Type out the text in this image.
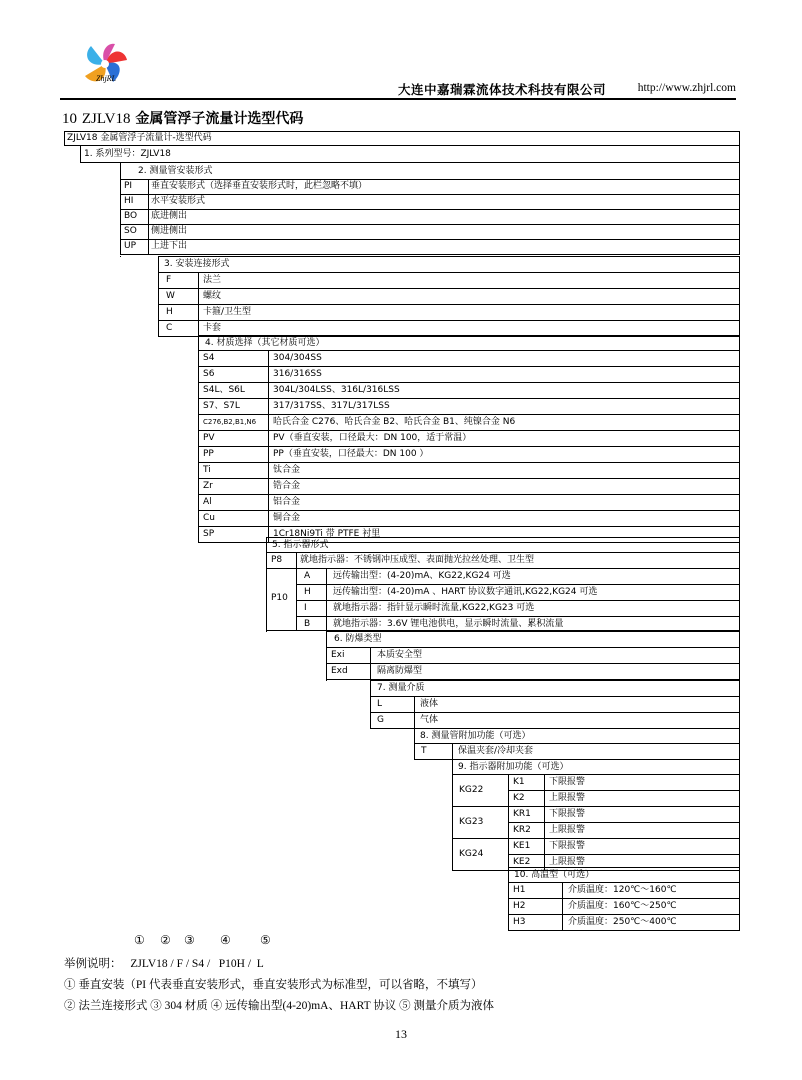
ZhjRL
大连中嘉瑞霖流体技术科技有限公司	http://www.zhjrl.com
10 ZJLV18 金属管浮子流量计选型代码
ZJLV18 金属管浮子流量计-选型代码
1. 系列型号：ZJLV18
2. 测量管安装形式
PI 垂直安装形式（选择垂直安装形式时，此栏忽略不填）
HI 水平安装形式
BO 底进侧出
SO 侧进侧出
UP 上进下出
3. 安装连接形式
F	法兰
W	螺纹
H	卡箍/卫生型
C	卡套
4. 材质选择（其它材质可选）
S4	304/304SS
S6	316/316SS
S4L、S6L	304L/304LSS、316L/316LSS
S7、S7L	317/317SS、317L/317LSS
C276,B2,B1,N6 哈氏合金 C276、哈氏合金 B2、哈氏合金 B1、纯镍合金 N6
PV	PV（垂直安装，口径最大：DN 100，适于常温）
PP	PP（垂直安装，口径最大：DN 100 ）
Ti	钛合金
Zr	锆合金
Al	铝合金
Cu	铜合金
SP	1Cr18Ni9Ti 带 PTFE 衬里
5. 指示器形式
P8 就地指示器：不锈钢冲压成型、表面抛光拉丝处理、卫生型
P10
A	远传输出型：(4-20)mA、KG22,KG24 可选
H 远传输出型：(4-20)mA 、HART 协议数字通讯,KG22,KG24 可选
I	就地指示器：指针显示瞬时流量,KG22,KG23 可选
B	就地指示器：3.6V 锂电池供电，显示瞬时流量、累积流量
6. 防爆类型
Exi	本质安全型
Exd	隔离防爆型
7. 测量介质
L	液体
G	气体
8. 测量管附加功能（可选）
T	保温夹套/冷却夹套
9. 指示器附加功能（可选）
KG22
K1	下限报警
K2	上限报警
KG23
KR1 下限报警
KR2 上限报警
KG24
KE1 下限报警
KE2 上限报警
10. 高温型（可选）
H1	介质温度：120℃～160℃
H2	介质温度：160℃～250℃
H3	介质温度：250℃～400℃
① ② ③ ④ ⑤
举例说明： ZJLV18 / F / S4 /   P10H /  L
① 垂直安装（PI 代表垂直安装形式，垂直安装形式为标准型，可以省略，不填写）
② 法兰连接形式 ③ 304 材质 ④ 远传输出型(4-20)mA、HART 协议 ⑤ 测量介质为液体
13
